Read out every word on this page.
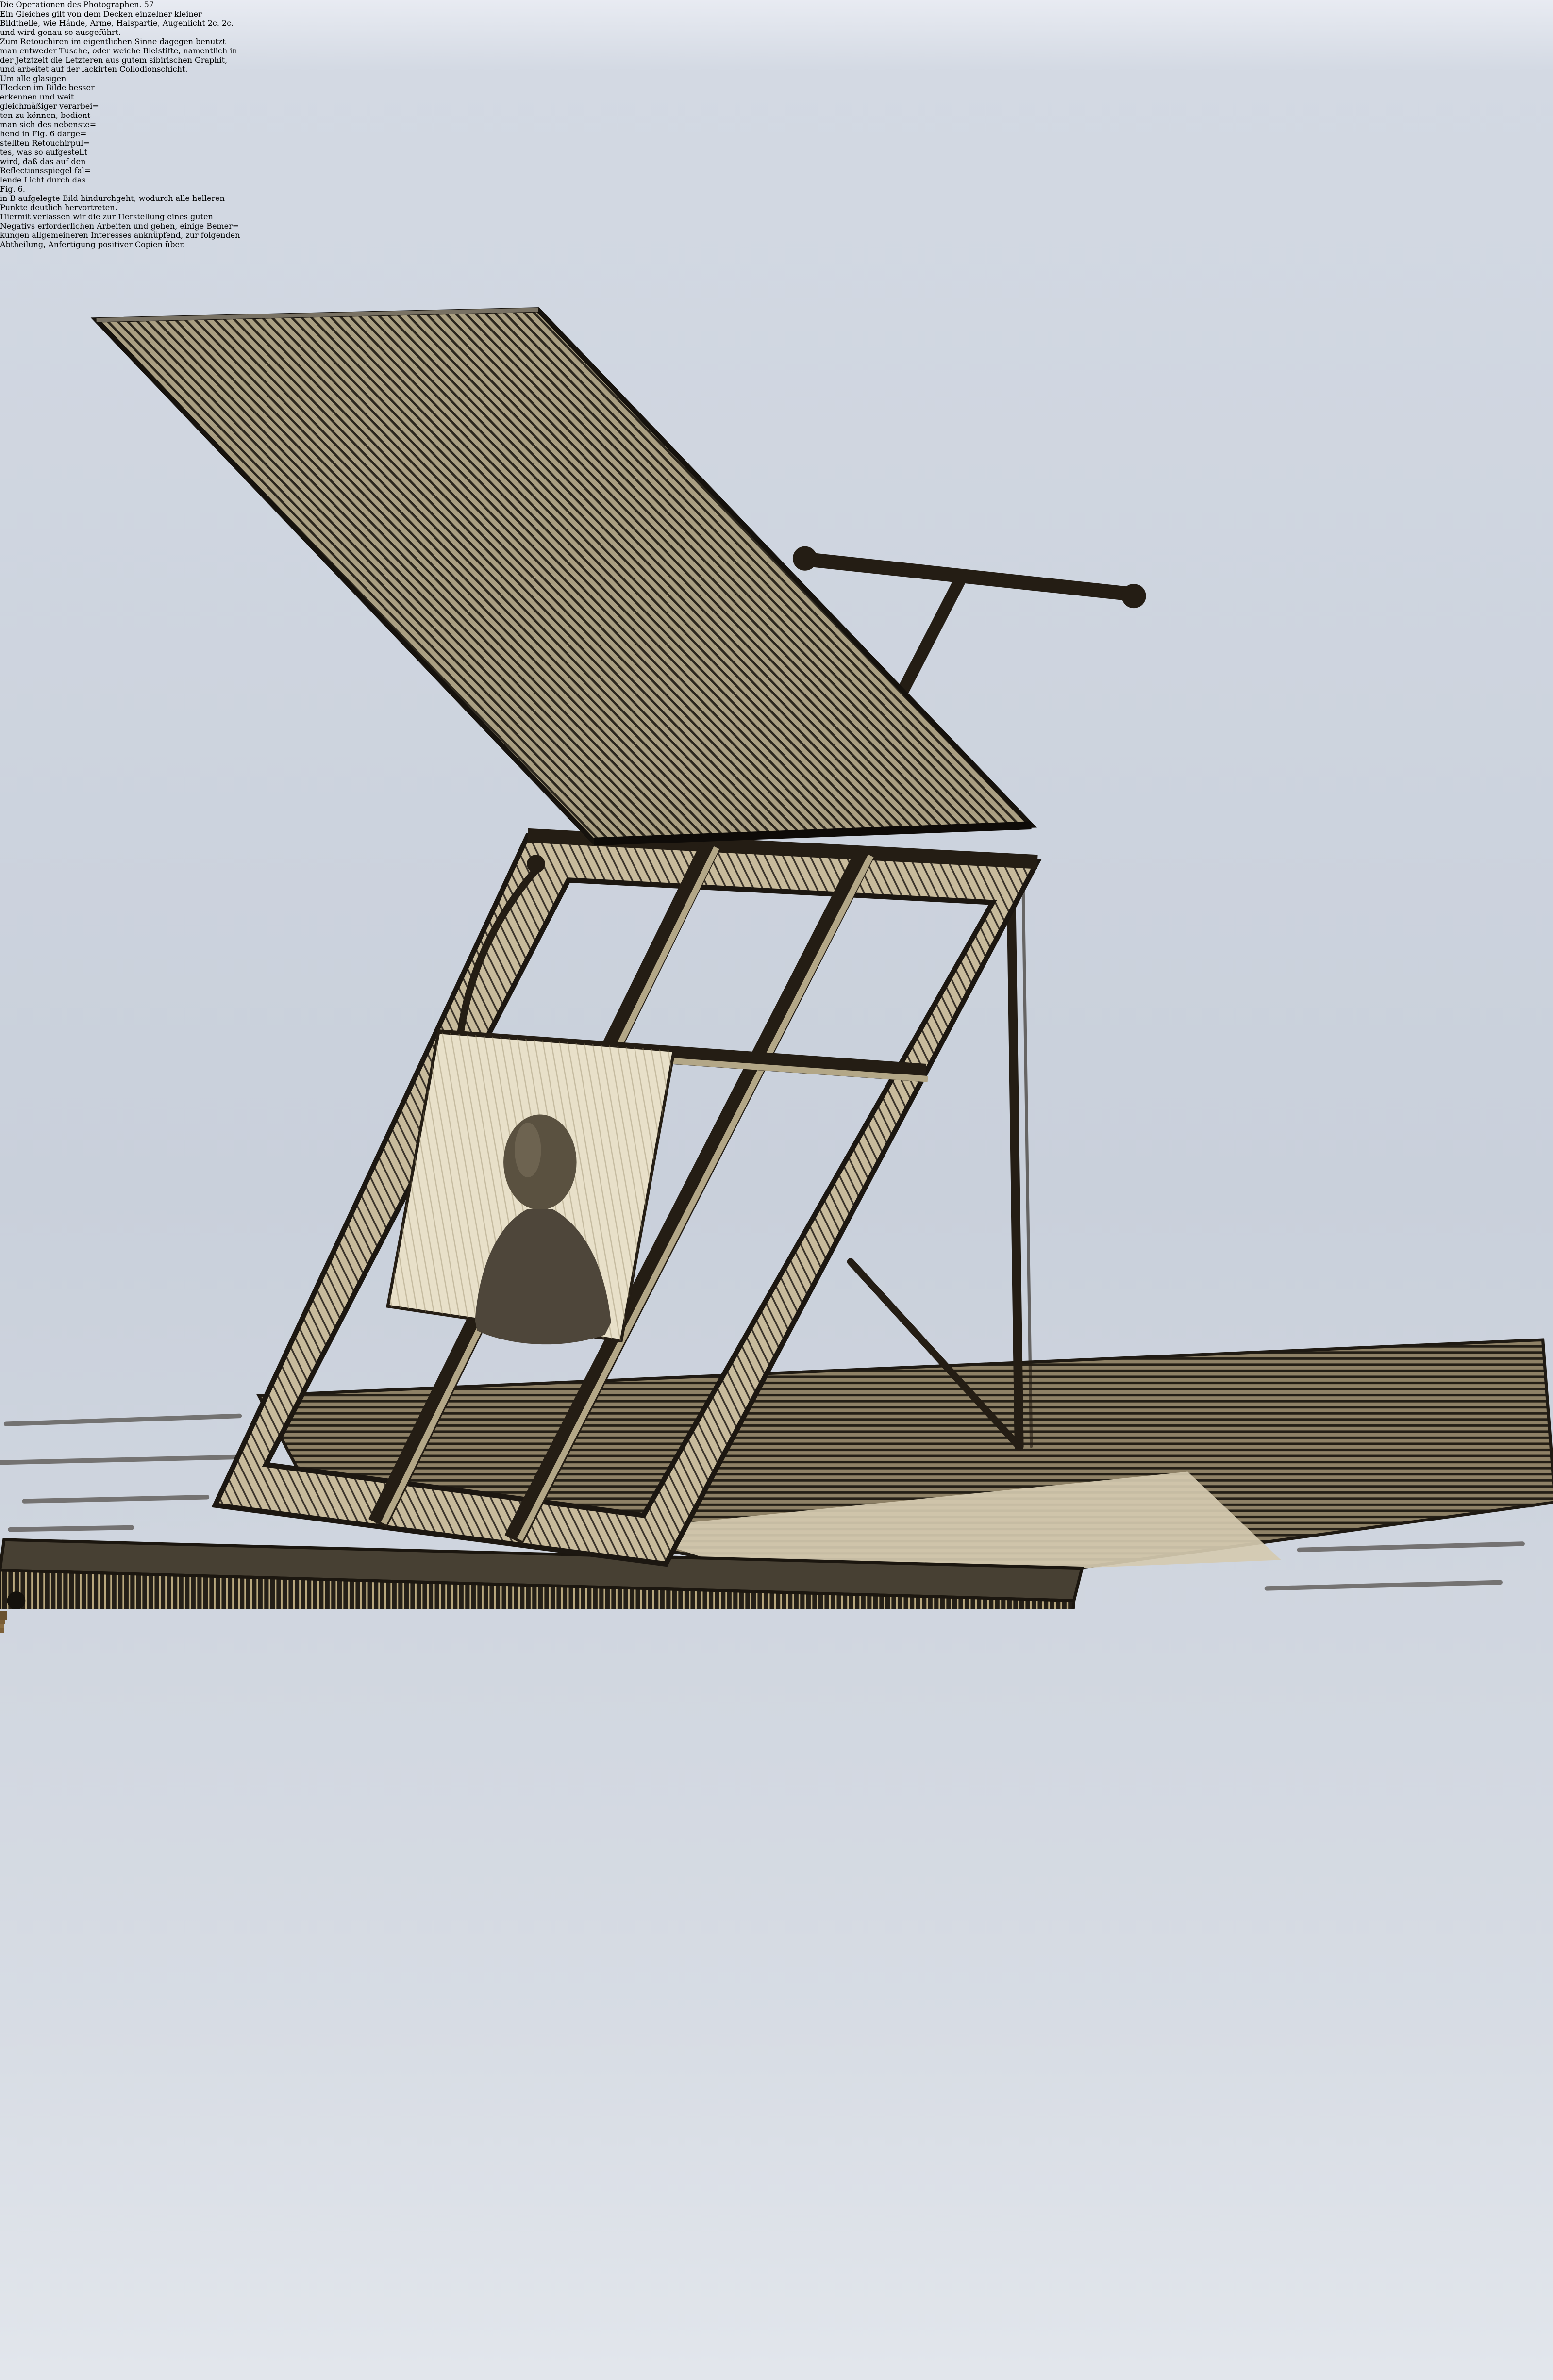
Die Operationen des Photographen. 57
Ein Gleiches gilt von dem Decken einzelner kleiner
Bildtheile, wie Hände, Arme, Halspartie, Augenlicht 2c. 2c.
und wird genau so ausgeführt.
Zum Retouchiren im eigentlichen Sinne dagegen benutzt
man entweder Tusche, oder weiche Bleistifte, namentlich in
der Jetztzeit die Letzteren aus gutem sibirischen Graphit,
und arbeitet auf der lackirten Collodionschicht.
Um alle glasigen
Flecken im Bilde besser
erkennen und weit
gleichmäßiger verarbei=
ten zu können, bedient
man sich des nebenste=
hend in Fig. 6 darge=
stellten Retouchirpul=
tes, was so aufgestellt
wird, daß das auf den
Reflectionsspiegel fal=
lende Licht durch das
Fig. 6.
in B aufgelegte Bild hindurchgeht, wodurch alle helleren
Punkte deutlich hervortreten.
Hiermit verlassen wir die zur Herstellung eines guten
Negativs erforderlichen Arbeiten und gehen, einige Bemer=
kungen allgemeineren Interesses anknüpfend, zur folgenden
Abtheilung, Anfertigung positiver Copien über.
